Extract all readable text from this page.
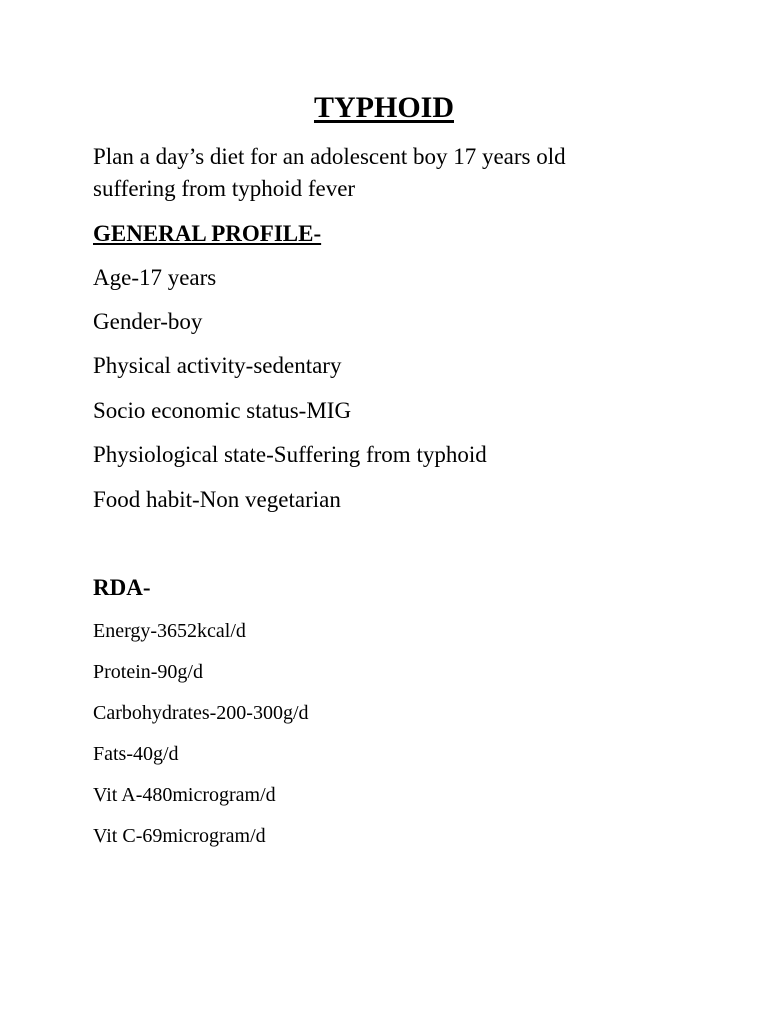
TYPHOID
Plan a day’s diet for an adolescent boy 17 years old
suffering from typhoid fever
GENERAL PROFILE-
Age-17 years
Gender-boy
Physical activity-sedentary
Socio economic status-MIG
Physiological state-Suffering from typhoid
Food habit-Non vegetarian
RDA-
Energy-3652kcal/d
Protein-90g/d
Carbohydrates-200-300g/d
Fats-40g/d
Vit A-480microgram/d
Vit C-69microgram/d
